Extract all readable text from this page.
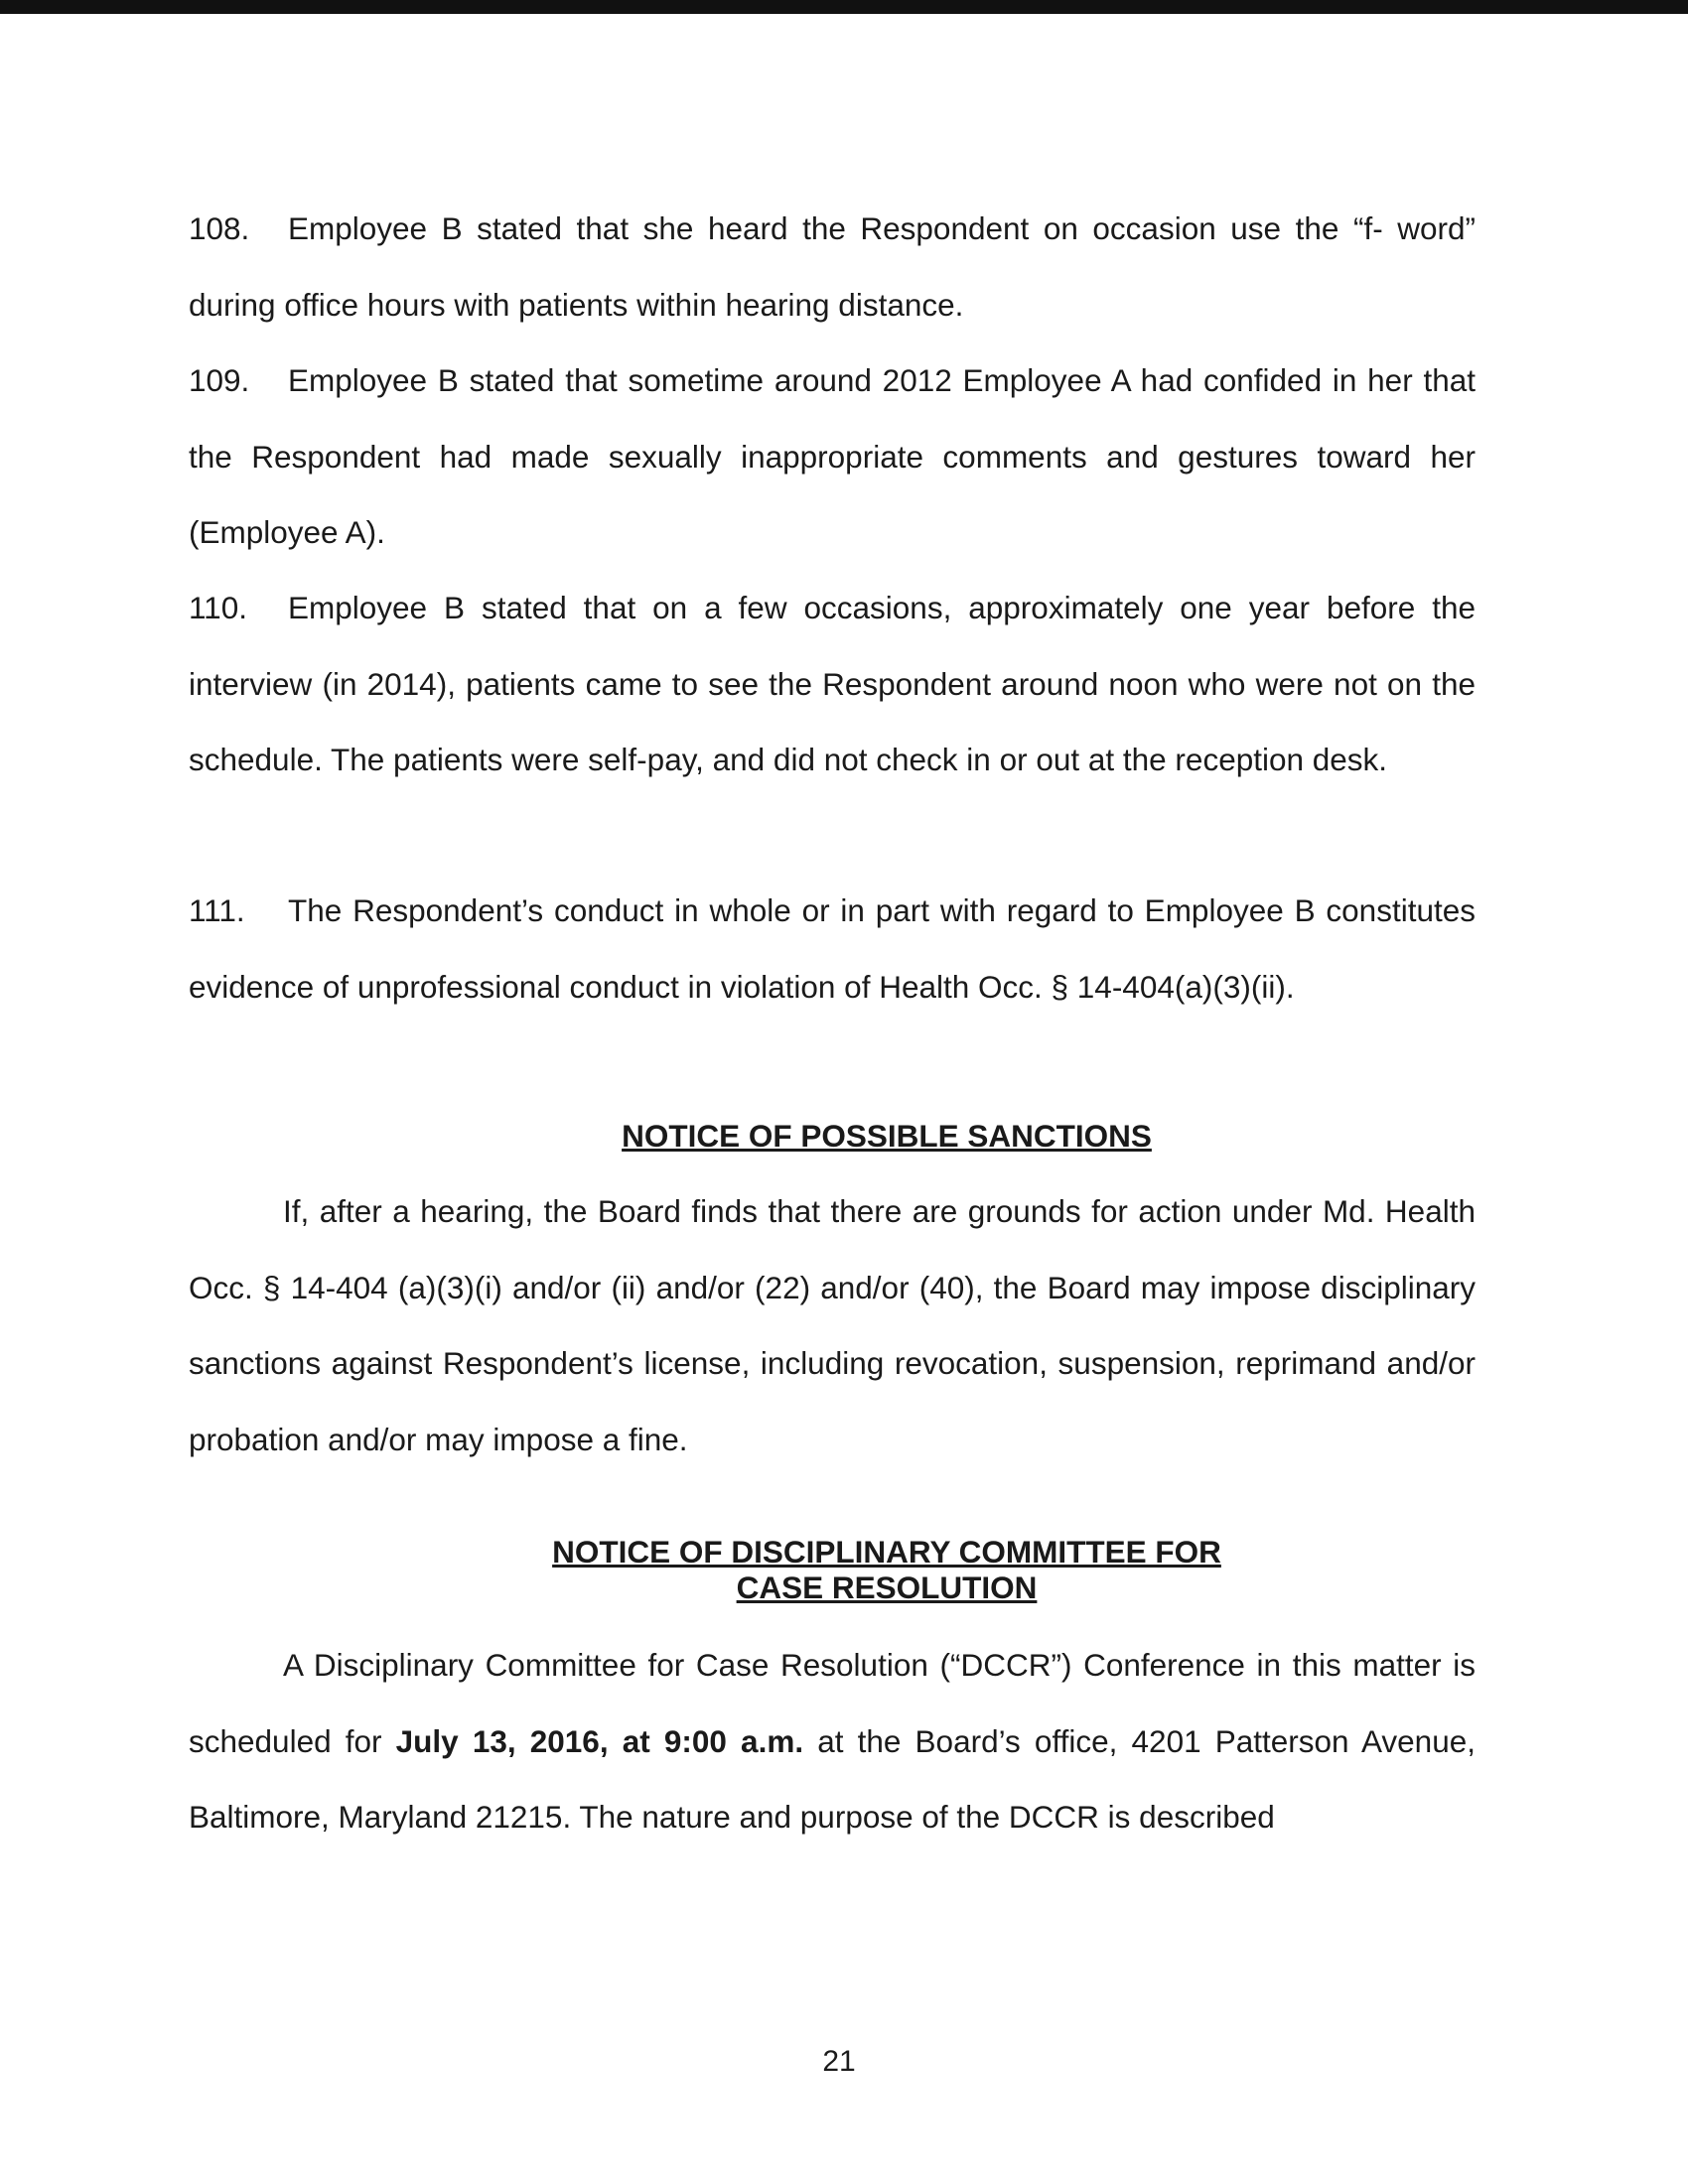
108. Employee B stated that she heard the Respondent on occasion use the “f- word” during office hours with patients within hearing distance.

109. Employee B stated that sometime around 2012 Employee A had confided in her that the Respondent had made sexually inappropriate comments and gestures toward her (Employee A).

110. Employee B stated that on a few occasions, approximately one year before the interview (in 2014), patients came to see the Respondent around noon who were not on the schedule. The patients were self-pay, and did not check in or out at the reception desk.

111. The Respondent’s conduct in whole or in part with regard to Employee B constitutes evidence of unprofessional conduct in violation of Health Occ. § 14-404(a)(3)(ii).

NOTICE OF POSSIBLE SANCTIONS

If, after a hearing, the Board finds that there are grounds for action under Md. Health Occ. § 14-404 (a)(3)(i) and/or (ii) and/or (22) and/or (40), the Board may impose disciplinary sanctions against Respondent’s license, including revocation, suspension, reprimand and/or probation and/or may impose a fine.

NOTICE OF DISCIPLINARY COMMITTEE FOR

CASE RESOLUTION

A Disciplinary Committee for Case Resolution (“DCCR”) Conference in this matter is scheduled for July 13, 2016, at 9:00 a.m. at the Board’s office, 4201 Patterson Avenue, Baltimore, Maryland 21215. The nature and purpose of the DCCR is described

21
